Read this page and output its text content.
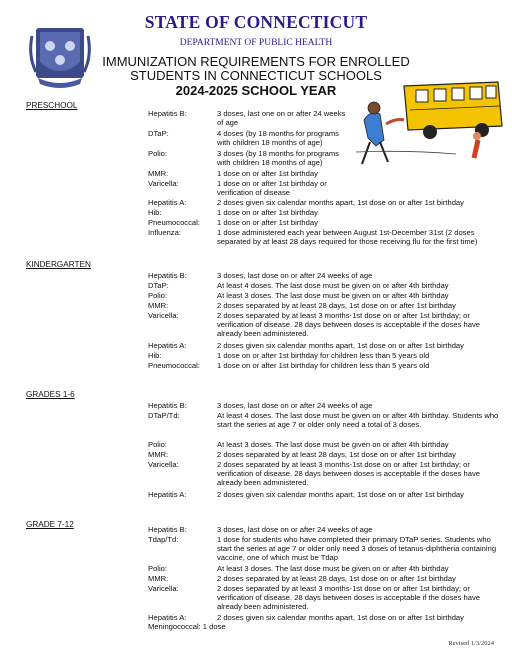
STATE OF CONNECTICUT
DEPARTMENT OF PUBLIC HEALTH
IMMUNIZATION REQUIREMENTS FOR ENROLLED
STUDENTS IN CONNECTICUT SCHOOLS
2024-2025 SCHOOL YEAR
PRESCHOOL
Hepatitis B:	3 doses, last one on or after 24 weeks of age
DTaP:	4 doses (by 18 months for programs with children 18 months of age)
Polio:	3 doses (by 18 months for programs with children 18 months of age)
MMR:	1 dose on or after 1st birthday
Varicella:	1 dose on or after 1st birthday or verification of disease
Hepatitis A:	2 doses given six calendar months apart, 1st dose on or after 1st birthday
Hib:	1 dose on or after 1st birthday
Pneumococcal:	1 dose on or after 1st birthday
Influenza:	1 dose administered each year between August 1st-December 31st (2 doses separated by at least 28 days required for those receiving flu for the first time)
KINDERGARTEN
Hepatitis B:	3 doses, last dose on or after 24 weeks of age
DTaP:	At least 4 doses. The last dose must be given on or after 4th birthday
Polio:	At least 3 doses. The last dose must be given on or after 4th birthday
MMR:	2 doses separated by at least 28 days, 1st dose on or after 1st birthday
Varicella:	2 doses separated by at least 3 months-1st dose on or after 1st birthday; or verification of disease. 28 days between doses is acceptable if the doses have already been administered.
Hepatitis A:	2 doses given six calendar months apart, 1st dose on or after 1st birthday
Hib:	1 dose on or after 1st birthday for children less than 5 years old
Pneumococcal:	1 dose on or after 1st birthday for children less than 5 years old
GRADES 1-6
Hepatitis B:	3 doses, last dose on or after 24 weeks of age
DTaP/Td:	At least 4 doses. The last dose must be given on or after 4th birthday. Students who start the series at age 7 or older only need a total of 3 doses.
Polio:	At least 3 doses. The last dose must be given on or after 4th birthday
MMR:	2 doses separated by at least 28 days, 1st dose on or after 1st birthday
Varicella:	2 doses separated by at least 3 months-1st dose on or after 1st birthday; or verification of disease. 28 days between doses is acceptable if the doses have already been administered.
Hepatitis A:	2 doses given six calendar months apart, 1st dose on or after 1st birthday
GRADE 7-12
Hepatitis B:	3 doses, last dose on or after 24 weeks of age
Tdap/Td:	1 dose for students who have completed their primary DTaP series. Students who start the series at age 7 or older only need 3 doses of tetanus-diphtheria containing vaccine, one of which must be Tdap
Polio:	At least 3 doses. The last dose must be given on or after 4th birthday
MMR:	2 doses separated by at least 28 days, 1st dose on or after 1st birthday
Varicella:	2 doses separated by at least 3 months-1st dose on or after 1st birthday; or verification of disease. 28 days between doses is acceptable if the doses have already been administered.
Hepatitis A:	2 doses given six calendar months apart, 1st dose on or after 1st birthday
Meningococcal: 1 dose
Revised 1/3/2024
